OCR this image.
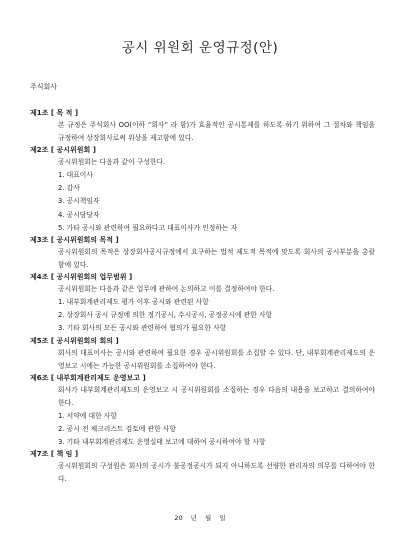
공시 위원회 운영규정(안)
주식회사
제1조 [ 목 적 ]
본 규정은 주식회사 OO(이하 “회사” 라 함)가 효율적인 공시통제를 하도록 하기 위하여 그 절차와 책임을 규정하여 상장회사로써 위상을 제고함에 있다.
제2조 [ 공시위원회 ]
공시위원회는 다음과 같이 구성한다.
1. 대표이사
2. 감사
3. 공시책임자
4. 공시담당자
5. 가타 공시와 관련하여 필요하다고 대표이사가 인정하는 자
제3조 [ 공시위원회의 목적 ]
공시위원회의 목적은 상장회사공시규정에서 요구하는 법적 제도적 목적에 맞도록 회사의 공시부분을 총괄함에 있다.
제4조 [ 공시위원회의 업무범위 ]
공시위원회는 다음과 같은 업무에 관하여 논의하고 이를 결정하여야 한다.
1. 내부회계관리제도 평가 이후 공시와 관련된 사항
2. 상장회사 공시 규정에 의한 정기공시, 수시공시, 공정공시에 관한 사항
3. 기타 회사의 모든 공시와 관련하여 협의가 필요한 사항
제5조 [ 공시위원회의 회의 ]
회사의 대표이사는 공시와 관련하여 필요한 경우 공시위원회를 소집할 수 있다. 단, 내부회계관리제도의 운영보고 시에는 가능한 공시위원회를 소집하여야 한다.
제6조 [ 내부회계관리제도 운영보고 ]
회사가 내부회계관리제도의 운영보고 시 공시위원회를 소집하는 경우 다음의 내용을 보고하고 결의하여야 한다.
1. 서약에 대한 사항
2. 공시 전 체크리스트 검토에 관한 사항
3. 기타 내부회계관리제도 운영실태 보고에 대하여 공시하여야 할 사항
제7조 [ 책 임 ]
공시위원회의 구성원은 회사의 공시가 불공정공시가 되지 아니하도록 선량한 관리자의 의무를 다하여야 한다.
20 년 월 일
